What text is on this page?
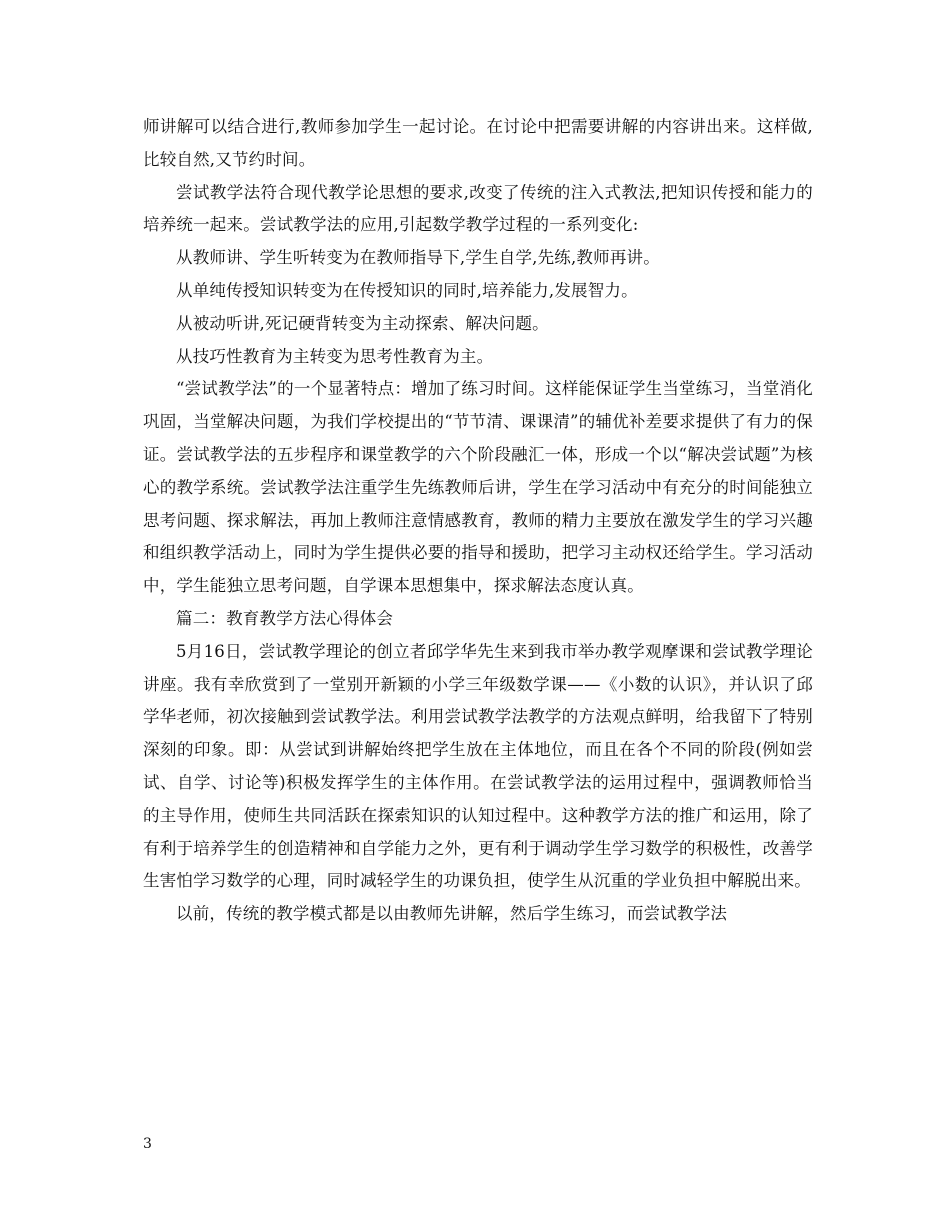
师讲解可以结合进行,教师参加学生一起讨论。在讨论中把需要讲解的内容讲出来。这样做,比较自然,又节约时间。

尝试教学法符合现代教学论思想的要求,改变了传统的注入式教法,把知识传授和能力的培养统一起来。尝试教学法的应用,引起数学教学过程的一系列变化:

从教师讲、学生听转变为在教师指导下,学生自学,先练,教师再讲。

从单纯传授知识转变为在传授知识的同时,培养能力,发展智力。

从被动听讲,死记硬背转变为主动探索、解决问题。

从技巧性教育为主转变为思考性教育为主。

“尝试教学法”的一个显著特点：增加了练习时间。这样能保证学生当堂练习，当堂消化巩固，当堂解决问题，为我们学校提出的“节节清、课课清”的辅优补差要求提供了有力的保证。尝试教学法的五步程序和课堂教学的六个阶段融汇一体，形成一个以“解决尝试题”为核心的教学系统。尝试教学法注重学生先练教师后讲，学生在学习活动中有充分的时间能独立思考问题、探求解法，再加上教师注意情感教育，教师的精力主要放在激发学生的学习兴趣和组织教学活动上，同时为学生提供必要的指导和援助，把学习主动权还给学生。学习活动中，学生能独立思考问题，自学课本思想集中，探求解法态度认真。

篇二：教育教学方法心得体会

5月16日，尝试教学理论的创立者邱学华先生来到我市举办教学观摩课和尝试教学理论讲座。我有幸欣赏到了一堂别开新颖的小学三年级数学课——《小数的认识》，并认识了邱学华老师，初次接触到尝试教学法。利用尝试教学法教学的方法观点鲜明，给我留下了特别深刻的印象。即：从尝试到讲解始终把学生放在主体地位，而且在各个不同的阶段(例如尝试、自学、讨论等)积极发挥学生的主体作用。在尝试教学法的运用过程中，强调教师恰当的主导作用，使师生共同活跃在探索知识的认知过程中。这种教学方法的推广和运用，除了有利于培养学生的创造精神和自学能力之外，更有利于调动学生学习数学的积极性，改善学生害怕学习数学的心理，同时减轻学生的功课负担，使学生从沉重的学业负担中解脱出来。

以前，传统的教学模式都是以由教师先讲解，然后学生练习，而尝试教学法

3
